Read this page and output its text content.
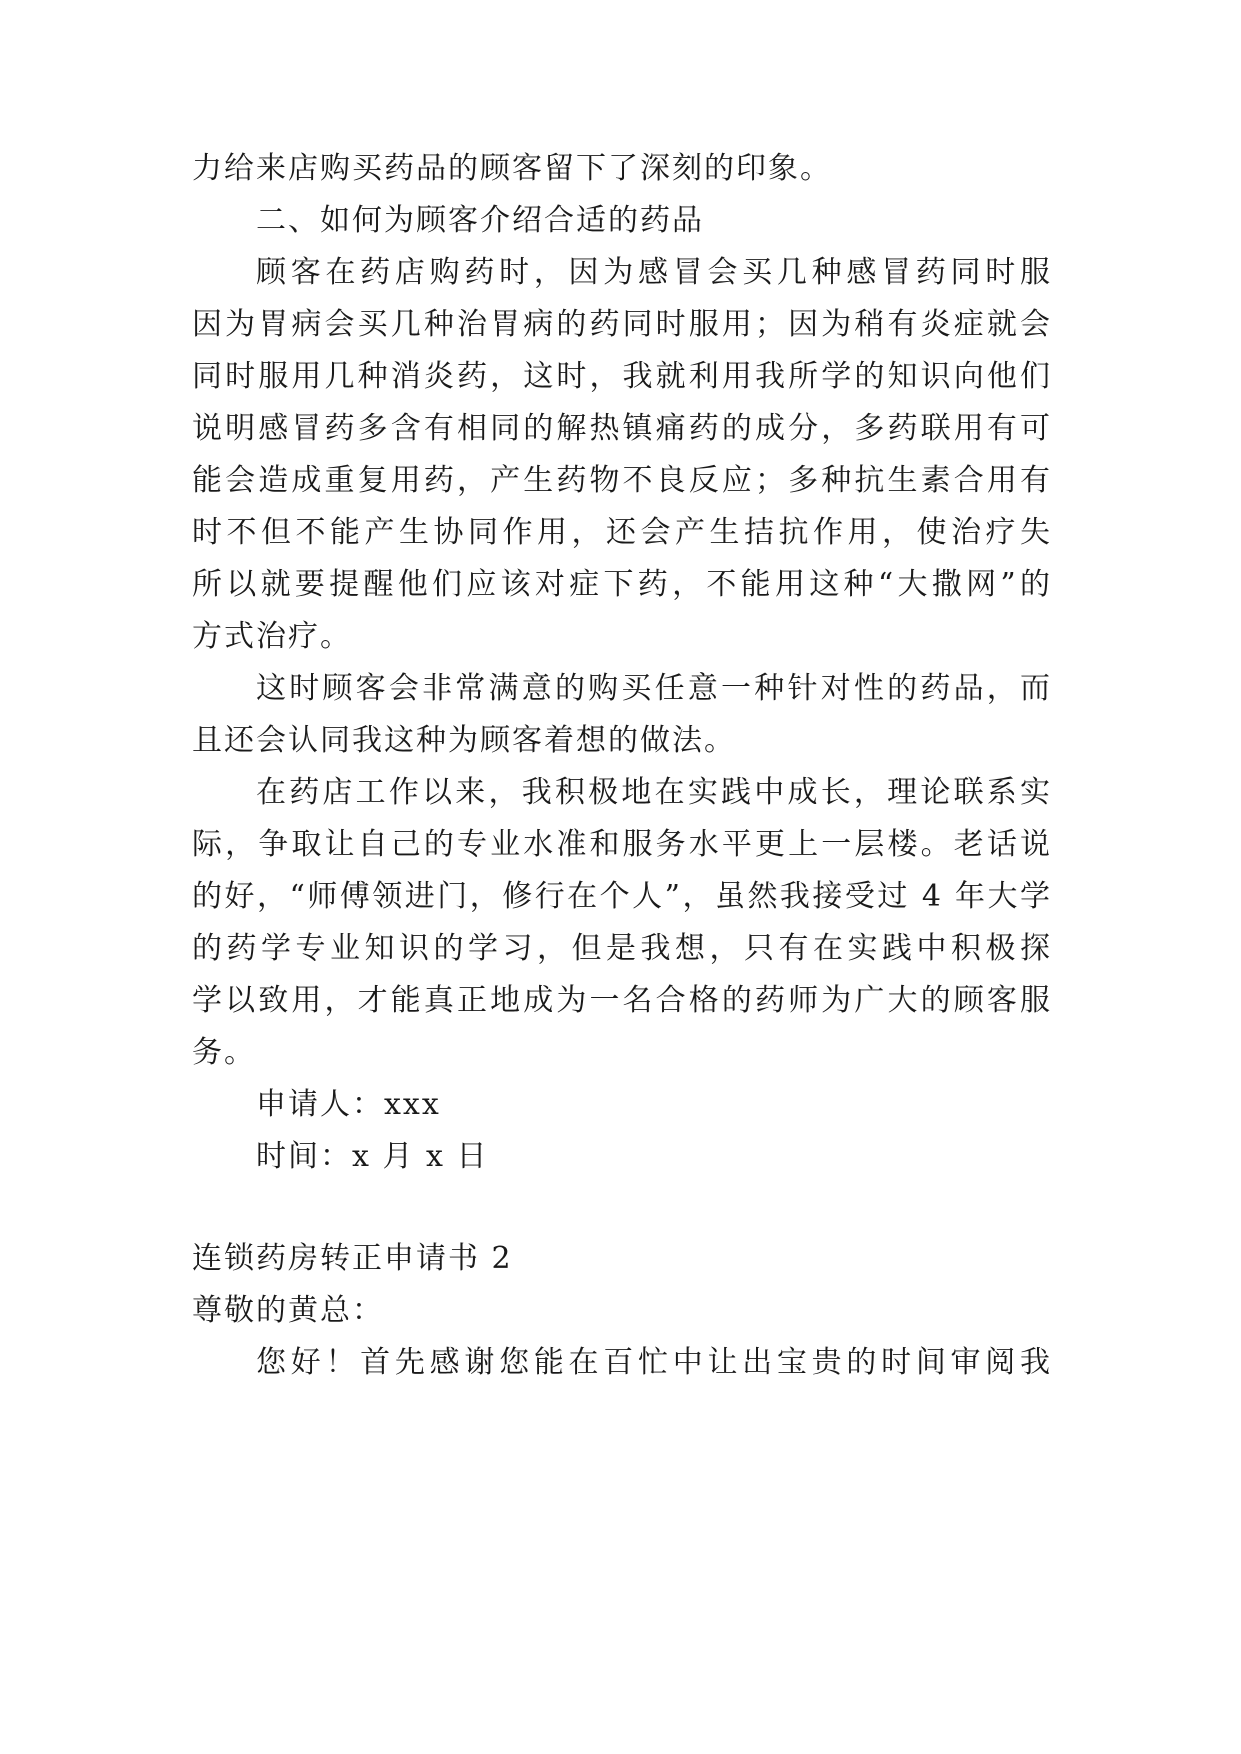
力给来店购买药品的顾客留下了深刻的印象。
二、如何为顾客介绍合适的药品
顾客在药店购药时，因为感冒会买几种感冒药同时服
因为胃病会买几种治胃病的药同时服用；因为稍有炎症就会
同时服用几种消炎药，这时，我就利用我所学的知识向他们
说明感冒药多含有相同的解热镇痛药的成分，多药联用有可
能会造成重复用药，产生药物不良反应；多种抗生素合用有
时不但不能产生协同作用，还会产生拮抗作用，使治疗失
所以就要提醒他们应该对症下药，不能用这种“大撒网”的
方式治疗。
这时顾客会非常满意的购买任意一种针对性的药品，而
且还会认同我这种为顾客着想的做法。
在药店工作以来，我积极地在实践中成长，理论联系实
际，争取让自己的专业水准和服务水平更上一层楼。老话说
的好，“师傅领进门，修行在个人”，虽然我接受过 4 年大学
的药学专业知识的学习，但是我想，只有在实践中积极探
学以致用，才能真正地成为一名合格的药师为广大的顾客服
务。
申请人：xxx
时间：x 月 x 日
连锁药房转正申请书 2
尊敬的黄总：
您好！首先感谢您能在百忙中让出宝贵的时间审阅我
